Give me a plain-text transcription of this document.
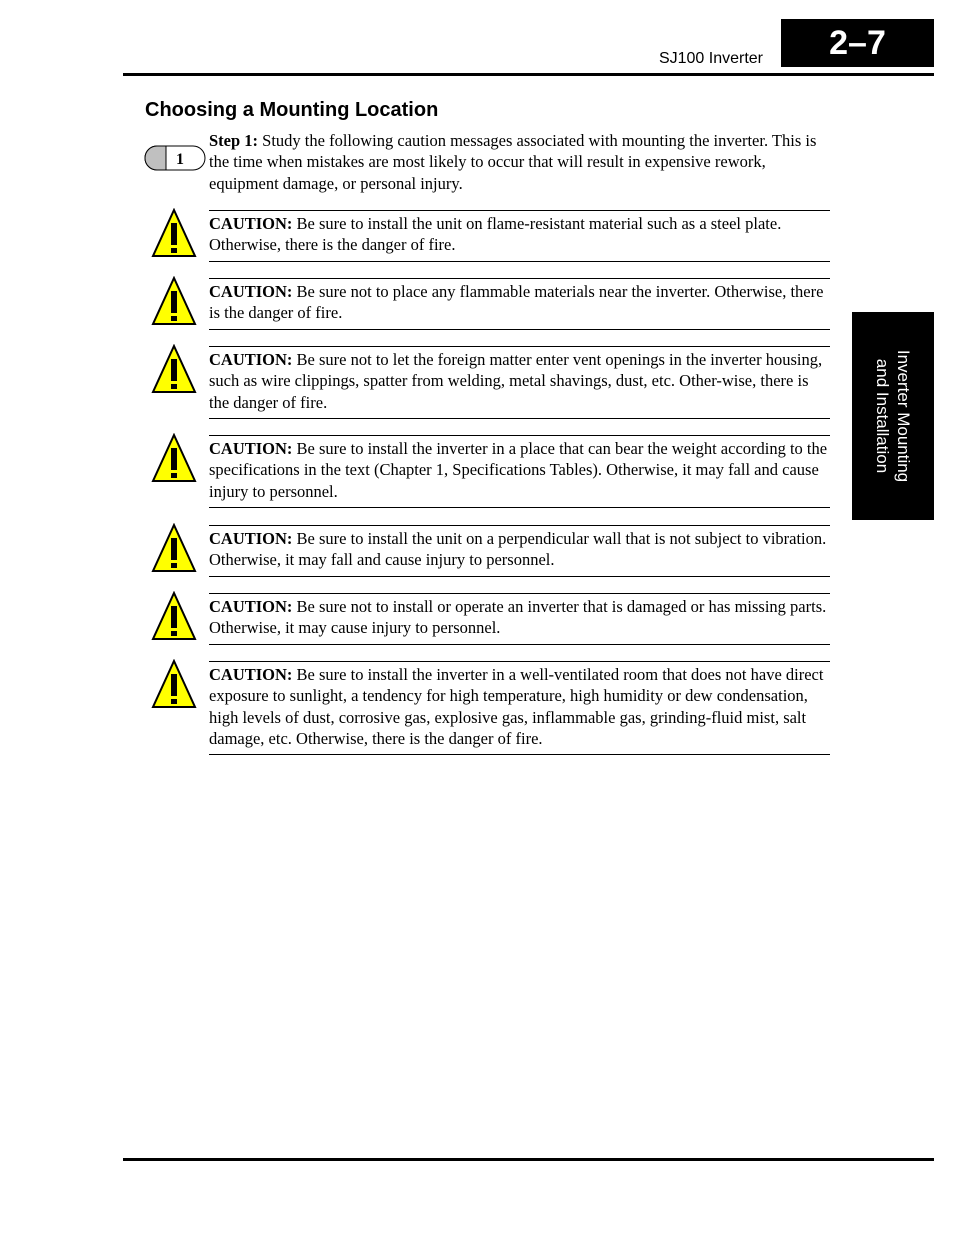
SJ100 Inverter	2–7
Inverter Mounting
and Installation
Choosing a Mounting Location
1
Step 1: Study the following caution messages associated with mounting the inverter. This is the time when mistakes are most likely to occur that will result in expensive rework, equipment damage, or personal injury.
CAUTION: Be sure to install the unit on flame-resistant material such as a steel plate. Otherwise, there is the danger of fire.
CAUTION: Be sure not to place any flammable materials near the inverter. Otherwise, there is the danger of fire.
CAUTION: Be sure not to let the foreign matter enter vent openings in the inverter housing, such as wire clippings, spatter from welding, metal shavings, dust, etc. Other-wise, there is the danger of fire.
CAUTION: Be sure to install the inverter in a place that can bear the weight according to the specifications in the text (Chapter 1, Specifications Tables). Otherwise, it may fall and cause injury to personnel.
CAUTION: Be sure to install the unit on a perpendicular wall that is not subject to vibration. Otherwise, it may fall and cause injury to personnel.
CAUTION: Be sure not to install or operate an inverter that is damaged or has missing parts. Otherwise, it may cause injury to personnel.
CAUTION: Be sure to install the inverter in a well-ventilated room that does not have direct exposure to sunlight, a tendency for high temperature, high humidity or dew condensation, high levels of dust, corrosive gas, explosive gas, inflammable gas, grinding-fluid mist, salt damage, etc. Otherwise, there is the danger of fire.
